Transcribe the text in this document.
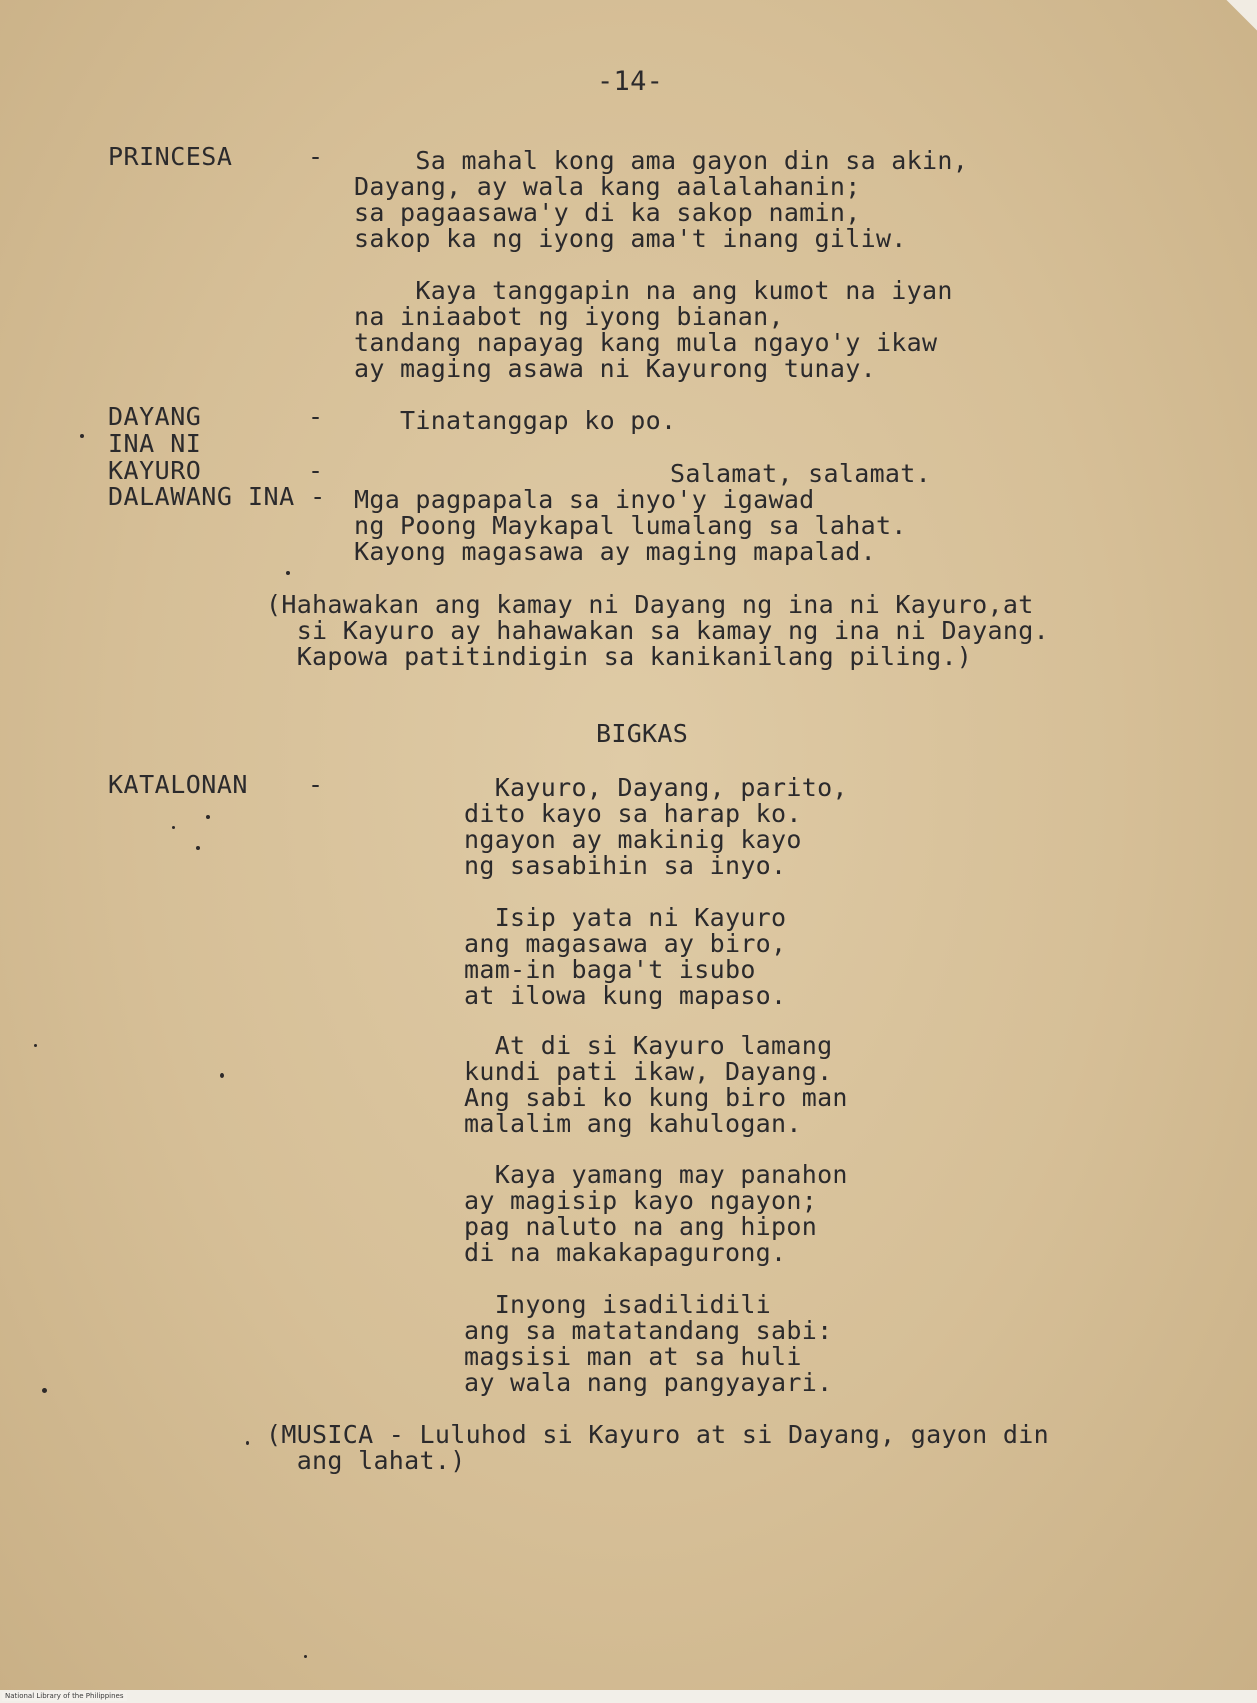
-14-
PRINCESA	- Sa mahal kong ama gayon din sa akin,
Dayang, ay wala kang aalalahanin;
sa pagaasawa'y di ka sakop namin,
sakop ka ng iyong ama't inang giliw.
Kaya tanggapin na ang kumot na iyan
na iniaabot ng iyong bianan,
tandang napayag kang mula ngayo'y ikaw
ay maging asawa ni Kayurong tunay.
DAYANG	-	Tinatanggap ko po.
INA NI
KAYURO	-	Salamat, salamat.
DALAWANG INA - Mga pagpapala sa inyo'y igawad
ng Poong Maykapal lumalang sa lahat.
Kayong magasawa ay maging mapalad.
(Hahawakan ang kamay ni Dayang ng ina ni Kayuro,at
si Kayuro ay hahawakan sa kamay ng ina ni Dayang.
Kapowa patitindigin sa kanikanilang piling.)
BIGKAS
KATALONAN -	Kayuro, Dayang, parito,
dito kayo sa harap ko.
ngayon ay makinig kayo
ng sasabihin sa inyo.
Isip yata ni Kayuro
ang magasawa ay biro,
mam-in baga't isubo
at ilowa kung mapaso.
At di si Kayuro lamang
kundi pati ikaw, Dayang.
Ang sabi ko kung biro man
malalim ang kahulogan.
Kaya yamang may panahon
ay magisip kayo ngayon;
pag naluto na ang hipon
di na makakapagurong.
Inyong isadilidili
ang sa matatandang sabi:
magsisi man at sa huli
ay wala nang pangyayari.
(MUSICA - Luluhod si Kayuro at si Dayang, gayon din
ang lahat.)
National Library of the Philippines
